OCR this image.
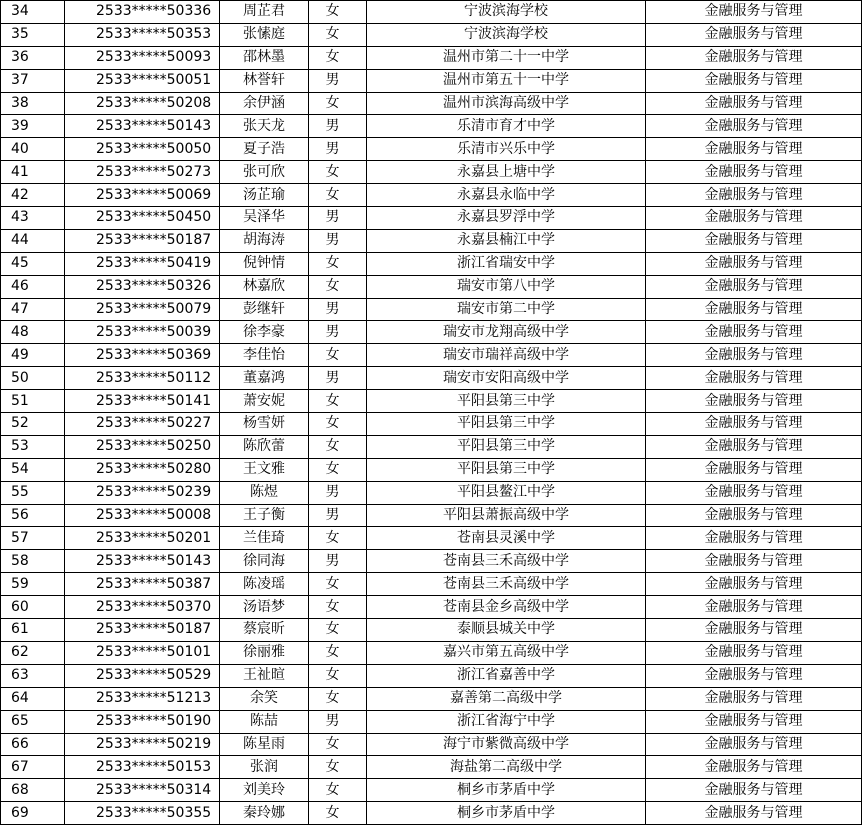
34	2533*****50336	周芷君	女	宁波滨海学校	金融服务与管理
35	2533*****50353	张愫庭	女	宁波滨海学校	金融服务与管理
36	2533*****50093	邵林墨	女	温州市第二十一中学	金融服务与管理
37	2533*****50051	林誉轩	男	温州市第五十一中学	金融服务与管理
38	2533*****50208	余伊涵	女	温州市滨海高级中学	金融服务与管理
39	2533*****50143	张天龙	男	乐清市育才中学	金融服务与管理
40	2533*****50050	夏子浩	男	乐清市兴乐中学	金融服务与管理
41	2533*****50273	张可欣	女	永嘉县上塘中学	金融服务与管理
42	2533*****50069	汤芷瑜	女	永嘉县永临中学	金融服务与管理
43	2533*****50450	吴泽华	男	永嘉县罗浮中学	金融服务与管理
44	2533*****50187	胡海涛	男	永嘉县楠江中学	金融服务与管理
45	2533*****50419	倪钟情	女	浙江省瑞安中学	金融服务与管理
46	2533*****50326	林嘉欣	女	瑞安市第八中学	金融服务与管理
47	2533*****50079	彭继轩	男	瑞安市第二中学	金融服务与管理
48	2533*****50039	徐李豪	男	瑞安市龙翔高级中学	金融服务与管理
49	2533*****50369	李佳怡	女	瑞安市瑞祥高级中学	金融服务与管理
50	2533*****50112	董嘉鸿	男	瑞安市安阳高级中学	金融服务与管理
51	2533*****50141	萧安妮	女	平阳县第三中学	金融服务与管理
52	2533*****50227	杨雪妍	女	平阳县第三中学	金融服务与管理
53	2533*****50250	陈欣蕾	女	平阳县第三中学	金融服务与管理
54	2533*****50280	王文雅	女	平阳县第三中学	金融服务与管理
55	2533*****50239	陈煜	男	平阳县鳌江中学	金融服务与管理
56	2533*****50008	王子衡	男	平阳县萧振高级中学	金融服务与管理
57	2533*****50201	兰佳琦	女	苍南县灵溪中学	金融服务与管理
58	2533*****50143	徐同海	男	苍南县三禾高级中学	金融服务与管理
59	2533*****50387	陈凌瑶	女	苍南县三禾高级中学	金融服务与管理
60	2533*****50370	汤语梦	女	苍南县金乡高级中学	金融服务与管理
61	2533*****50187	蔡宸昕	女	泰顺县城关中学	金融服务与管理
62	2533*****50101	徐丽雅	女	嘉兴市第五高级中学	金融服务与管理
63	2533*****50529	王祉暄	女	浙江省嘉善中学	金融服务与管理
64	2533*****51213	余笑	女	嘉善第二高级中学	金融服务与管理
65	2533*****50190	陈喆	男	浙江省海宁中学	金融服务与管理
66	2533*****50219	陈星雨	女	海宁市紫微高级中学	金融服务与管理
67	2533*****50153	张润	女	海盐第二高级中学	金融服务与管理
68	2533*****50314	刘美玲	女	桐乡市茅盾中学	金融服务与管理
69	2533*****50355	秦玲娜	女	桐乡市茅盾中学	金融服务与管理
